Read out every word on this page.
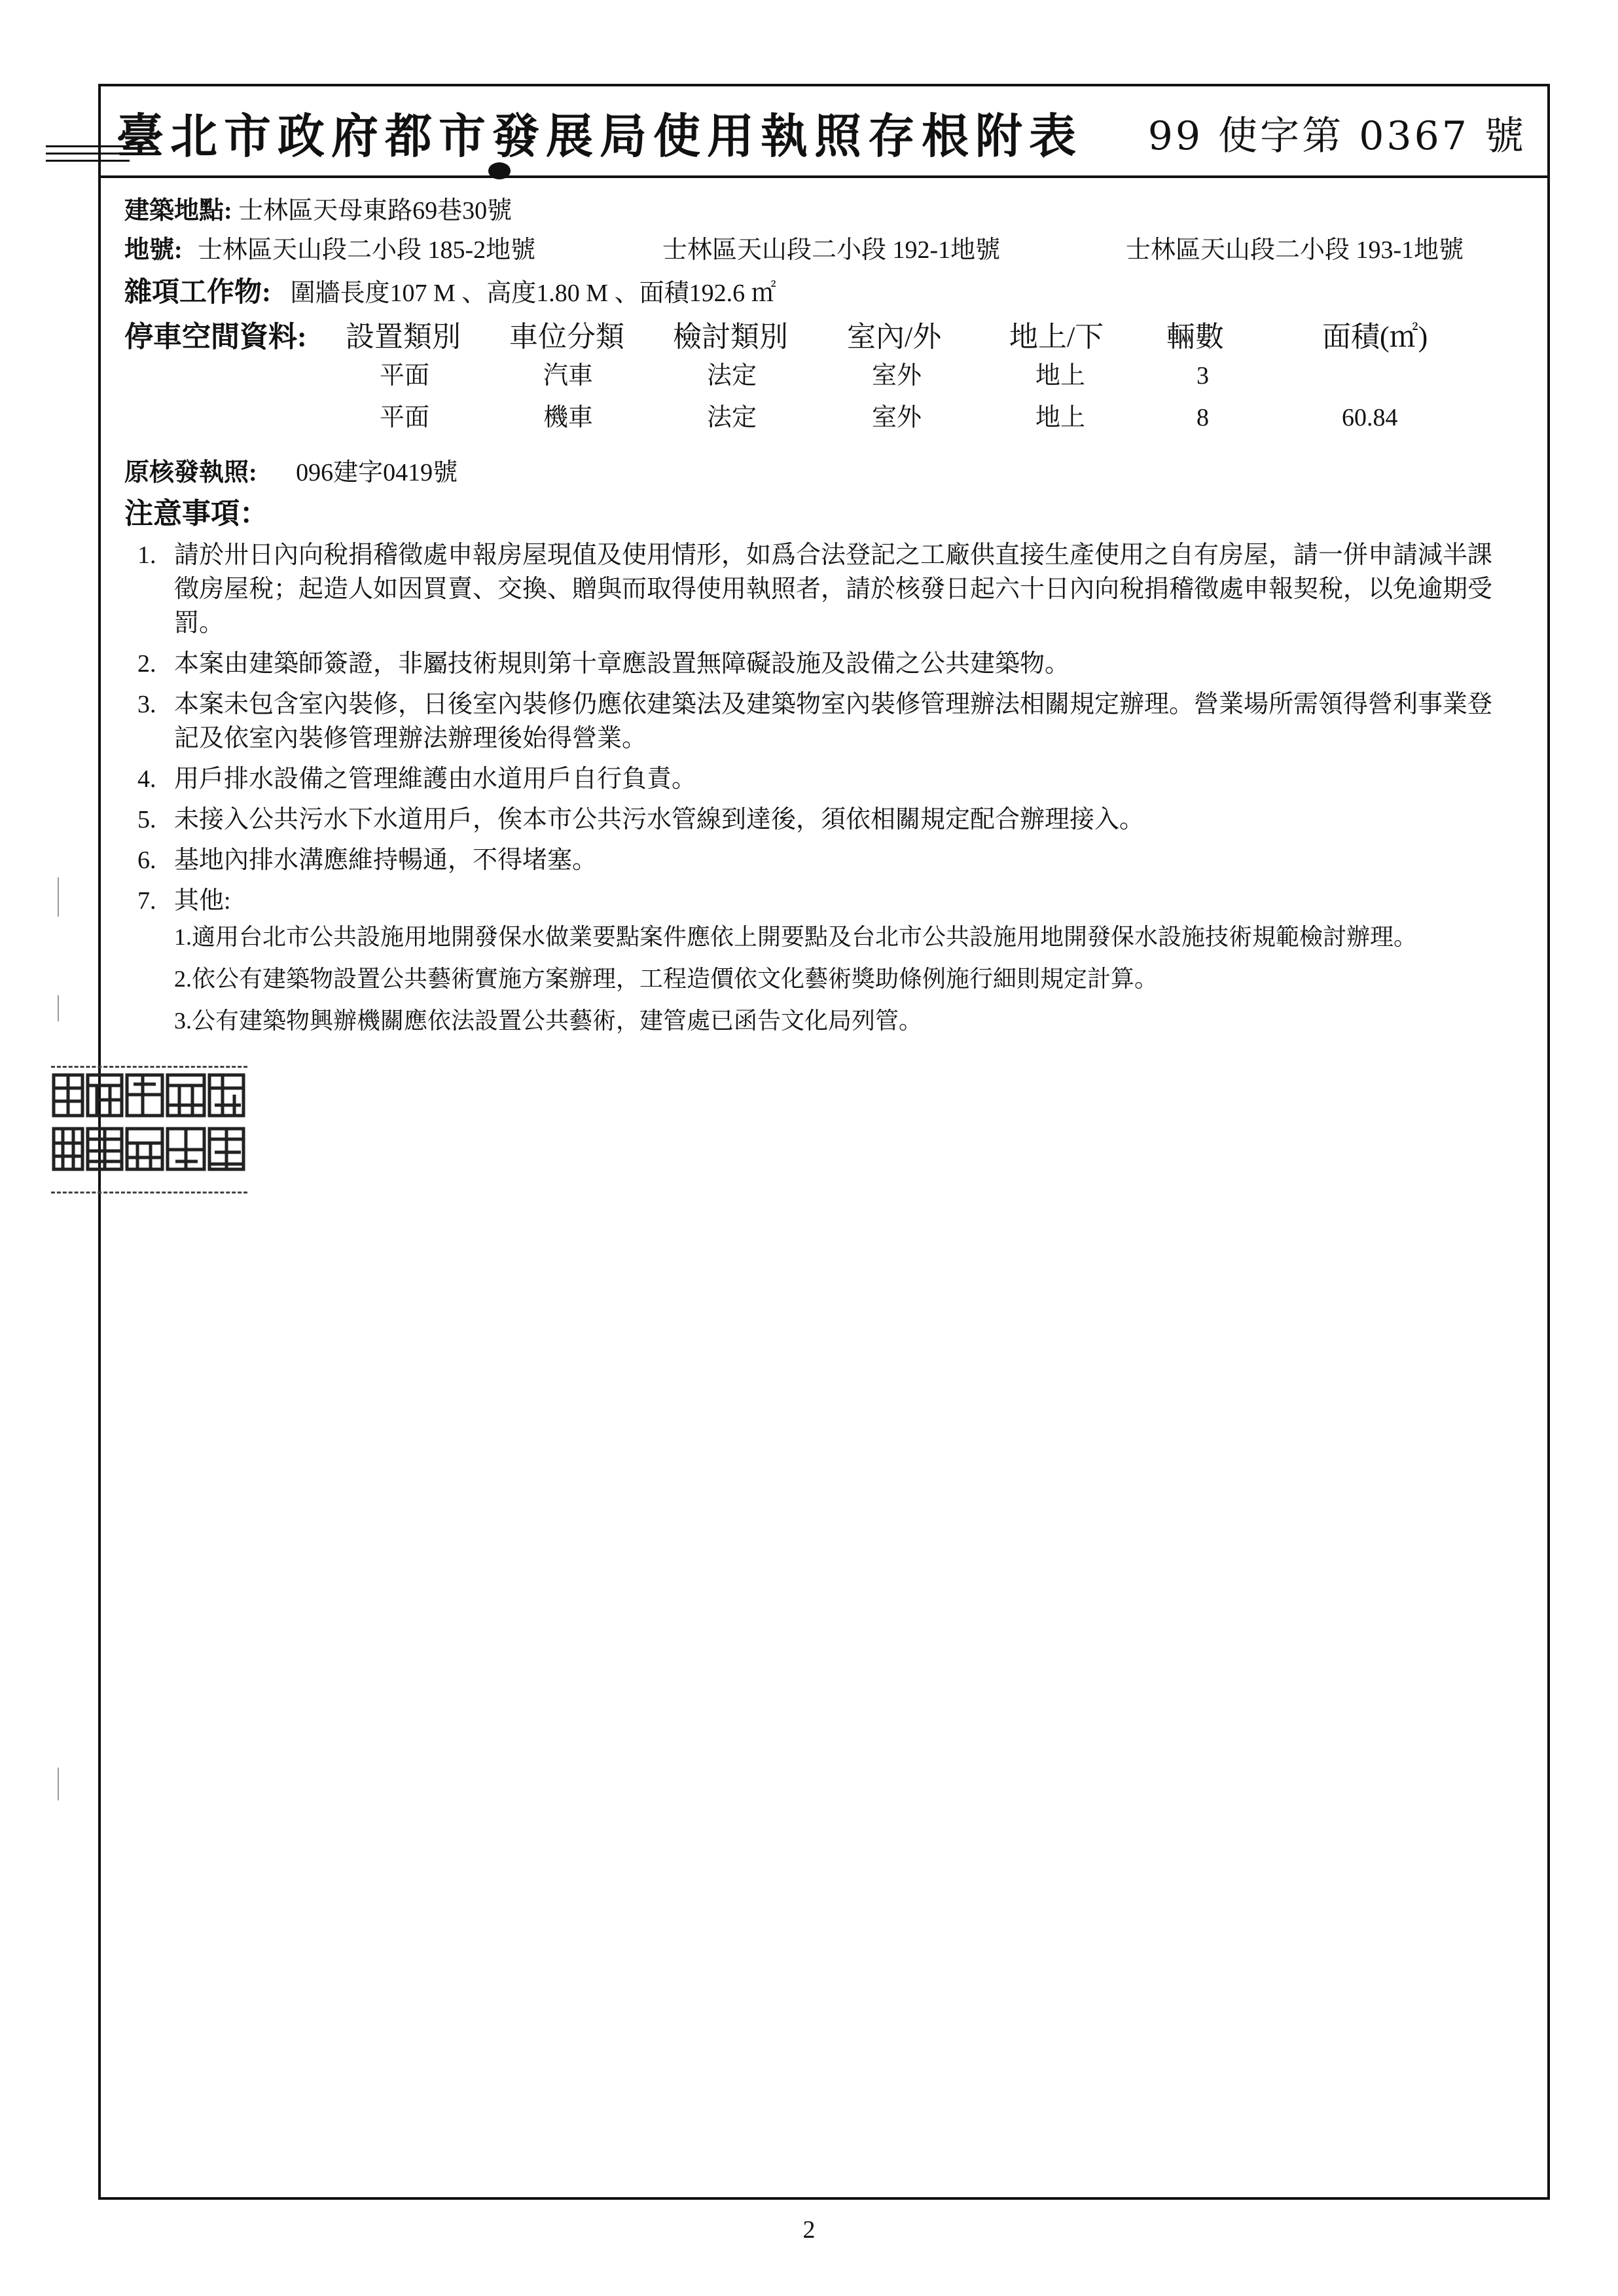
臺北市政府都市發展局使用執照存根附表 99 使字第 0367 號
建築地點: 士林區天母東路69巷30號
地號: 士林區天山段二小段 185-2地號	士林區天山段二小段 192-1地號	士林區天山段二小段 193-1地號
雜項工作物: 圍牆長度107 M 、高度1.80 M 、面積192.6 ㎡
停車空間資料: 設置類別 車位分類 檢討類別 室內/外 地上/下 輛數	面積(㎡)
平面	汽車	法定	室外	地上	3
平面	機車	法定	室外	地上	8	60.84
原核發執照: 096建字0419號
注意事項：
1. 請於卅日內向稅捐稽徵處申報房屋現值及使用情形，如爲合法登記之工廠供直接生產使用之自有房屋，請一併申請減半課徵房屋稅；起造人如因買賣、交換、贈與而取得使用執照者，請於核發日起六十日內向稅捐稽徵處申報契稅，以免逾期受罰。
2. 本案由建築師簽證，非屬技術規則第十章應設置無障礙設施及設備之公共建築物。
3. 本案未包含室內裝修，日後室內裝修仍應依建築法及建築物室內裝修管理辦法相關規定辦理。營業場所需領得營利事業登記及依室內裝修管理辦法辦理後始得營業。
4. 用戶排水設備之管理維護由水道用戶自行負責。
5. 未接入公共污水下水道用戶，俟本市公共污水管線到達後，須依相關規定配合辦理接入。
6. 基地內排水溝應維持暢通，不得堵塞。
7. 其他:
1.適用台北市公共設施用地開發保水做業要點案件應依上開要點及台北市公共設施用地開發保水設施技術規範檢討辦理。
2.依公有建築物設置公共藝術實施方案辦理，工程造價依文化藝術獎助條例施行細則規定計算。
3.公有建築物興辦機關應依法設置公共藝術，建管處已函告文化局列管。
2
